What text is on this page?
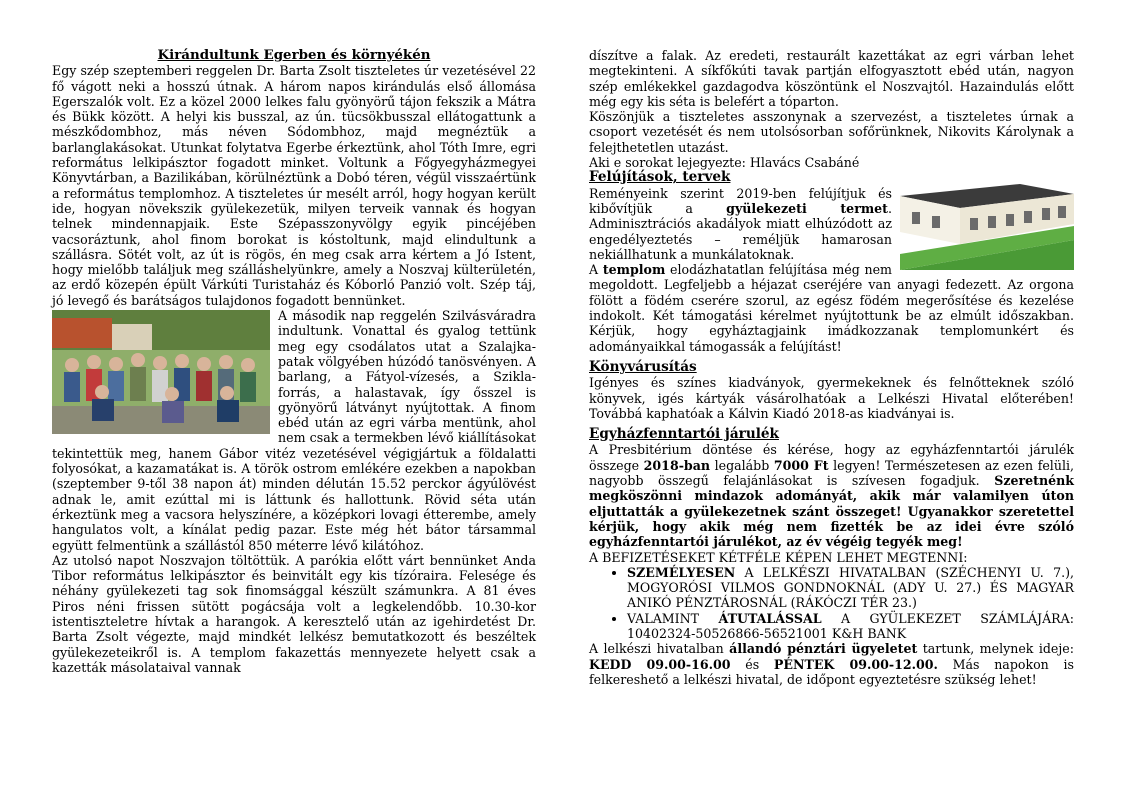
Kirándultunk Egerben és környékén

Egy szép szeptemberi reggelen Dr. Barta Zsolt tiszteletes úr vezetésével 22 fő vágott neki a hosszú útnak. A három napos kirándulás első állomása Egerszalók volt. Ez a közel 2000 lelkes falu gyönyörű tájon fekszik a Mátra és Bükk között. A helyi kis busszal, az ún. tücsökbusszal ellátogattunk a mészkődombhoz, más néven Sódombhoz, majd megnéztük a barlanglakásokat. Utunkat folytatva Egerbe érkeztünk, ahol Tóth Imre, egri református lelkipásztor fogadott minket. Voltunk a Főgyegyházmegyei Könyvtárban, a Bazilikában, körülnéztünk a Dobó téren, végül visszaértünk a református templomhoz. A tiszteletes úr mesélt arról, hogy hogyan került ide, hogyan növekszik gyülekezetük, milyen terveik vannak és hogyan telnek mindennapjaik. Este Szépasszonyvölgy egyik pincéjében vacsoráztunk, ahol finom borokat is kóstoltunk, majd elindultunk a szállásra. Sötét volt, az út is rögös, én meg csak arra kértem a Jó Istent, hogy mielőbb találjuk meg szálláshelyünkre, amely a Noszvaj külterületén, az erdő közepén épült Várkúti Turistaház és Kóborló Panzió volt. Szép táj, jó levegő és barátságos tulajdonos fogadott bennünket.

A második nap reggelén Szilvásváradra indultunk. Vonattal és gyalog tettünk meg egy csodálatos utat a Szalajka-patak völgyében húzódó tanösvényen. A barlang, a Fátyol-vízesés, a Szikla-forrás, a halastavak, így ősszel is gyönyörű látványt nyújtottak. A finom ebéd után az egri várba mentünk, ahol nem csak a termekben lévő kiállításokat tekintettük meg, hanem Gábor vitéz vezetésével végigjártuk a földalatti folyosókat, a kazamatákat is. A török ostrom emlékére ezekben a napokban (szeptember 9-től 38 napon át) minden délután 15.52 perckor ágyúlövést adnak le, amit ezúttal mi is láttunk és hallottunk. Rövid séta után érkeztünk meg a vacsora helyszínére, a középkori lovagi étterembe, amely hangulatos volt, a kínálat pedig pazar. Este még hét bátor társammal együtt felmentünk a szállástól 850 méterre lévő kilátóhoz.

Az utolsó napot Noszvajon töltöttük. A parókia előtt várt bennünket Anda Tibor református lelkipásztor és beinvitált egy kis tízóraira. Felesége és néhány gyülekezeti tag sok finomsággal készült számunkra. A 81 éves Piros néni frissen sütött pogácsája volt a legkelendőbb. 10.30-kor istentiszteletre hívtak a harangok. A keresztelő után az igehirdetést Dr. Barta Zsolt végezte, majd mindkét lelkész bemutatkozott és beszéltek gyülekezeteikről is. A templom fakazettás mennyezete helyett csak a kazetták másolataival vannak

díszítve a falak. Az eredeti, restaurált kazettákat az egri várban lehet megtekinteni. A síkfőkúti tavak partján elfogyasztott ebéd után, nagyon szép emlékekkel gazdagodva köszöntünk el Noszvajtól. Hazaindulás előtt még egy kis séta is belefért a tóparton.

Köszönjük a tiszteletes asszonynak a szervezést, a tiszteletes úrnak a csoport vezetését és nem utolsósorban sofőrünknek, Nikovits Károlynak a felejthetetlen utazást.

Aki e sorokat lejegyezte: Hlavács Csabáné

Felújítások, tervek

Reményeink szerint 2019-ben felújítjuk és kibővítjük a gyülekezeti termet. Adminisztrációs akadályok miatt elhúzódott az engedélyeztetés – reméljük hamarosan nekiállhatunk a munkálatoknak.

A templom elodázhatatlan felújítása még nem megoldott. Legfeljebb a héjazat cseréjére van anyagi fedezett. Az orgona fölött a födém cserére szorul, az egész födém megerősítése és kezelése indokolt. Két támogatási kérelmet nyújtottunk be az elmúlt időszakban. Kérjük, hogy egyháztagjaink imádkozzanak templomunkért és adományaikkal támogassák a felújítást!

Könyvárusítás

Igényes és színes kiadványok, gyermekeknek és felnőtteknek szóló könyvek, igés kártyák vásárolhatóak a Lelkészi Hivatal előterében! Továbbá kaphatóak a Kálvin Kiadó 2018-as kiadványai is.

Egyházfenntartói járulék

A Presbitérium döntése és kérése, hogy az egyházfenntartói járulék összege 2018-ban legalább 7000 Ft legyen! Természetesen az ezen felüli, nagyobb összegű felajánlásokat is szívesen fogadjuk. Szeretnénk megköszönni mindazok adományát, akik már valamilyen úton eljuttatták a gyülekezetnek szánt összeget! Ugyanakkor szeretettel kérjük, hogy akik még nem fizették be az idei évre szóló egyházfenntartói járulékot, az év végéig tegyék meg!

A BEFIZETÉSEKET KÉTFÉLE KÉPEN LEHET MEGTENNI:

• SZEMÉLYESEN A LELKÉSZI HIVATALBAN (SZÉCHENYI U. 7.), MOGYORÓSI VILMOS GONDNOKNÁL (ADY U. 27.) ÉS MAGYAR ANIKÓ PÉNZTÁROSNÁL (RÁKÓCZI TÉR 23.)
• VALAMINT ÁTUTALÁSSAL A GYÜLEKEZET SZÁMLÁJÁRA: 10402324-50526866-56521001 K&H BANK

A lelkészi hivatalban állandó pénztári ügyeletet tartunk, melynek ideje: KEDD 09.00-16.00 és PÉNTEK 09.00-12.00. Más napokon is felkereshető a lelkészi hivatal, de időpont egyeztetésre szükség lehet!
